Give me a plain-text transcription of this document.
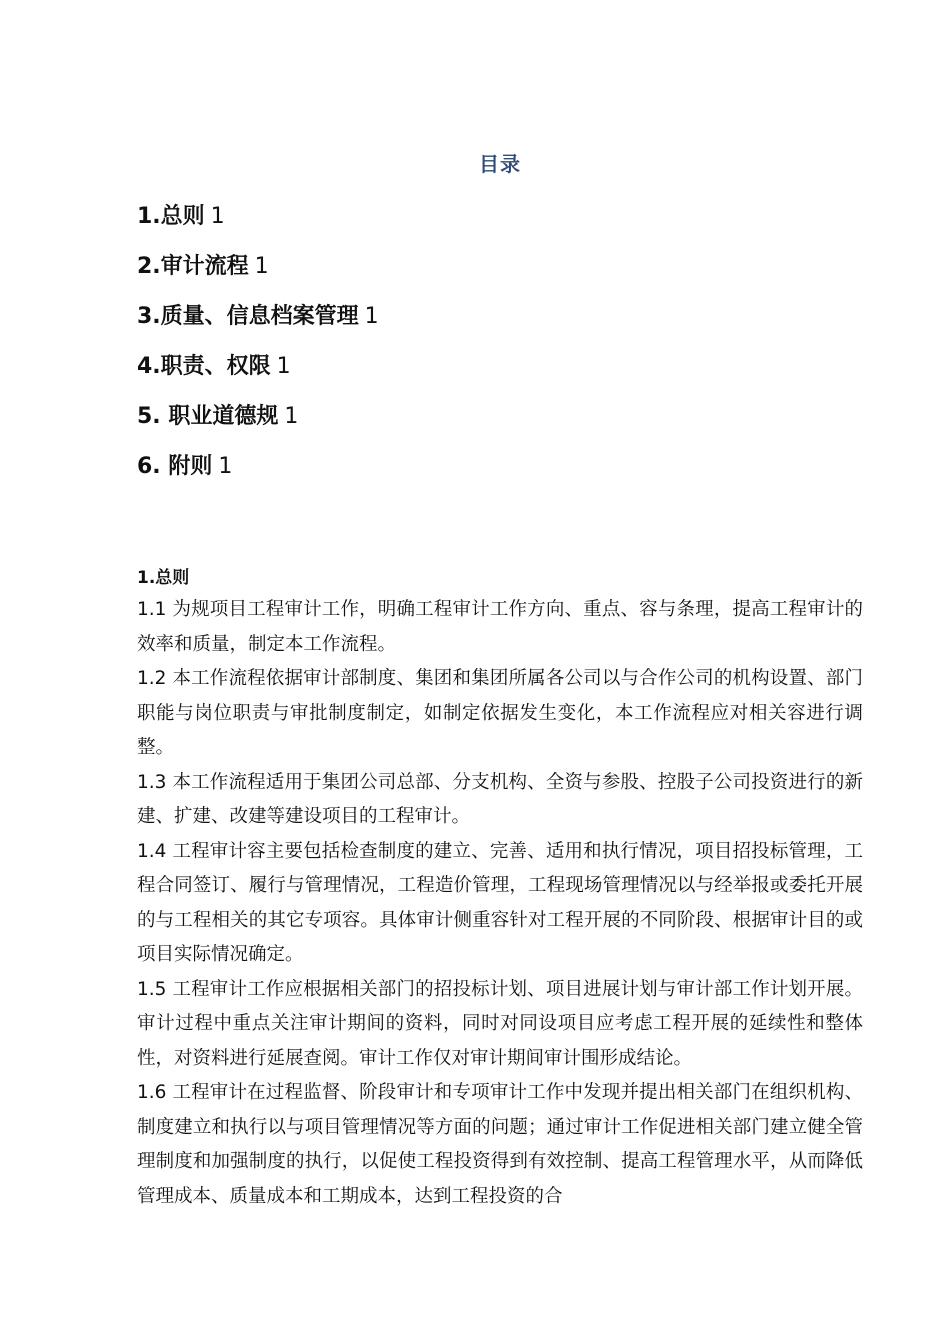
目录
1.总则 1
2.审计流程 1
3.质量、信息档案管理 1
4.职责、权限 1
5. 职业道德规 1
6. 附则 1
1.总则

1.1 为规项目工程审计工作，明确工程审计工作方向、重点、容与条理，提高工程审计的效率和质量，制定本工作流程。

1.2 本工作流程依据审计部制度、集团和集团所属各公司以与合作公司的机构设置、部门职能与岗位职责与审批制度制定，如制定依据发生变化，本工作流程应对相关容进行调整。

1.3 本工作流程适用于集团公司总部、分支机构、全资与参股、控股子公司投资进行的新建、扩建、改建等建设项目的工程审计。

1.4 工程审计容主要包括检查制度的建立、完善、适用和执行情况，项目招投标管理，工程合同签订、履行与管理情况，工程造价管理，工程现场管理情况以与经举报或委托开展的与工程相关的其它专项容。具体审计侧重容针对工程开展的不同阶段、根据审计目的或项目实际情况确定。

1.5 工程审计工作应根据相关部门的招投标计划、项目进展计划与审计部工作计划开展。审计过程中重点关注审计期间的资料，同时对同设项目应考虑工程开展的延续性和整体性，对资料进行延展查阅。审计工作仅对审计期间审计围形成结论。

1.6 工程审计在过程监督、阶段审计和专项审计工作中发现并提出相关部门在组织机构、制度建立和执行以与项目管理情况等方面的问题；通过审计工作促进相关部门建立健全管理制度和加强制度的执行，以促使工程投资得到有效控制、提高工程管理水平，从而降低管理成本、质量成本和工期成本，达到工程投资的合
